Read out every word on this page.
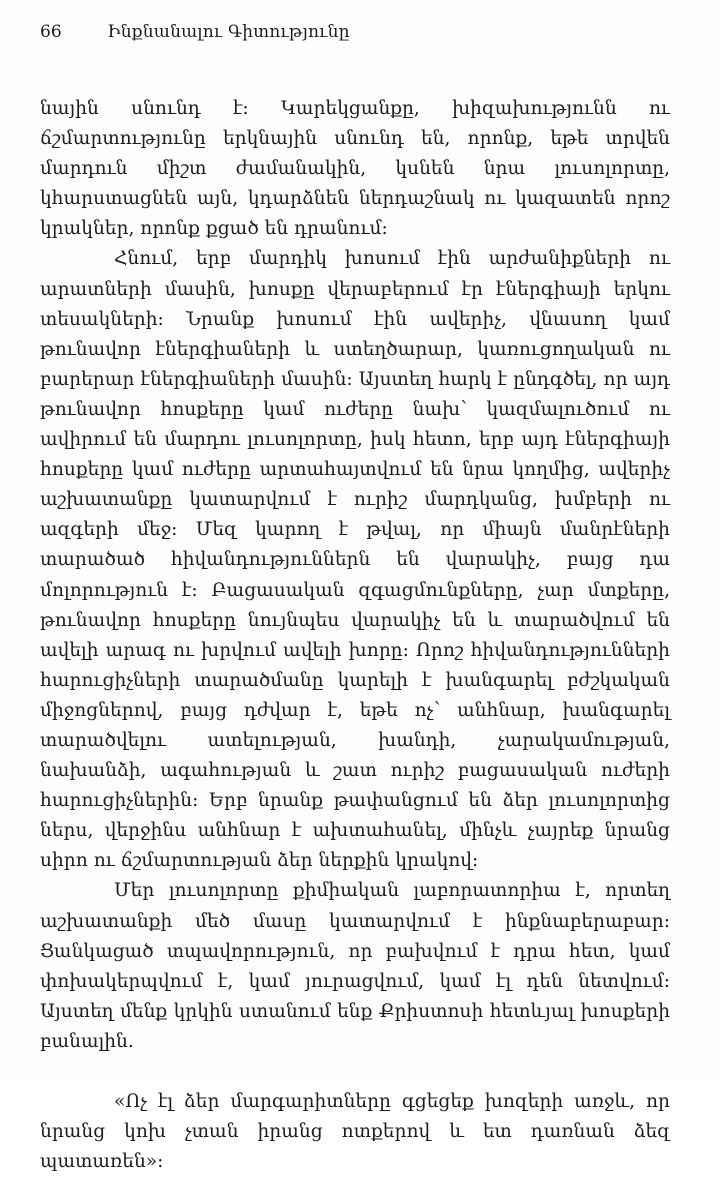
66	Ինքնանալու Գիտությունը

նային սնունդ է: Կարեկցանքը, խիզախությունն ու ճշմարտությունը երկնային սնունդ են, որոնք, եթե տրվեն մարդուն միշտ ժամանակին, կսնեն նրա լուսոլորտը, կհարստացնեն այն, կդարձնեն ներդաշնակ ու կազատեն որոշ կրակներ, որոնք քցած են դրանում:

Հնում, երբ մարդիկ խոսում էին արժանիքների ու արատների մասին, խոսքը վերաբերում էր էներգիայի երկու տեսակների: Նրանք խոսում էին ավերիչ, վնասող կամ թունավոր էներգիաների և ստեղծարար, կառուցողական ու բարերար էներգիաների մասին: Այստեղ հարկ է ընդգծել, որ այդ թունավոր հոսքերը կամ ուժերը նախ՝ կազմալուծում ու ավիրում են մարդու լուսոլորտը, իսկ հետո, երբ այդ էներգիայի հոսքերը կամ ուժերը արտահայտվում են նրա կողմից, ավերիչ աշխատանքը կատարվում է ուրիշ մարդկանց, խմբերի ու ազգերի մեջ: Մեզ կարող է թվալ, որ միայն մանրէների տարածած հիվանդություններն են վարակիչ, բայց դա մոլորություն է: Բացասական զգացմունքները, չար մտքերը, թունավոր հոսքերը նույնպես վարակիչ են և տարածվում են ավելի արագ ու խրվում ավելի խորը: Որոշ հիվանդությունների հարուցիչների տարածմանը կարելի է խանգարել բժշկական միջոցներով, բայց դժվար է, եթե ոչ՝ անհնար, խանգարել տարածվելու ատելության, խանդի, չարակամության, նախանձի, ագահության և շատ ուրիշ բացասական ուժերի հարուցիչներին: Երբ նրանք թափանցում են ձեր լուսոլորտից ներս, վերջինս անհնար է ախտահանել, մինչև չայրեք նրանց սիրո ու ճշմարտության ձեր ներքին կրակով:

Մեր լուսոլորտը քիմիական լաբորատորիա է, որտեղ աշխատանքի մեծ մասը կատարվում է ինքնաբերաբար: Ցանկացած տպավորություն, որ բախվում է դրա հետ, կամ փոխակերպվում է, կամ յուրացվում, կամ էլ դեն նետվում: Այստեղ մենք կրկին ստանում ենք Քրիստոսի հետևյալ խոսքերի բանալին.

«Ոչ էլ ձեր մարգարիտները գցեցեք խոզերի առջև, որ նրանց կոխ չտան իրանց ոտքերով և ետ դառնան ձեզ պատառեն»:
